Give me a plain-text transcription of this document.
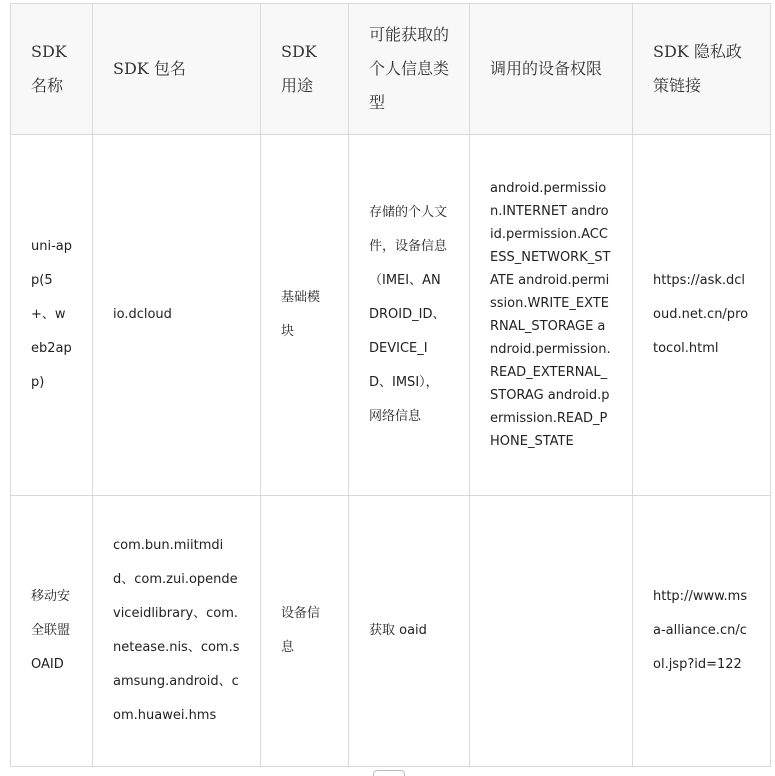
SDK 名称	SDK 包名	SDK 用途	可能获取的个人信息类型	调用的设备权限	SDK 隐私政策链接
uni-app(5+、web2app)	io.dcloud	基础模块	存储的个人文件，设备信息（IMEI、ANDROID_ID、DEVICE_ID、IMSI），网络信息	android.permission.INTERNET android.permission.ACCESS_NETWORK_STATE android.permission.WRITE_EXTERNAL_STORAGE android.permission.READ_EXTERNAL_STORAG android.permission.READ_PHONE_STATE	https://ask.dcloud.net.cn/protocol.html
移动安全联盟OAID	com.bun.miitmdid、com.zui.opendeviceidlibrary、com.netease.nis、com.samsung.android、com.huawei.hms	设备信息	获取 oaid		http://www.msa-alliance.cn/col.jsp?id=122
